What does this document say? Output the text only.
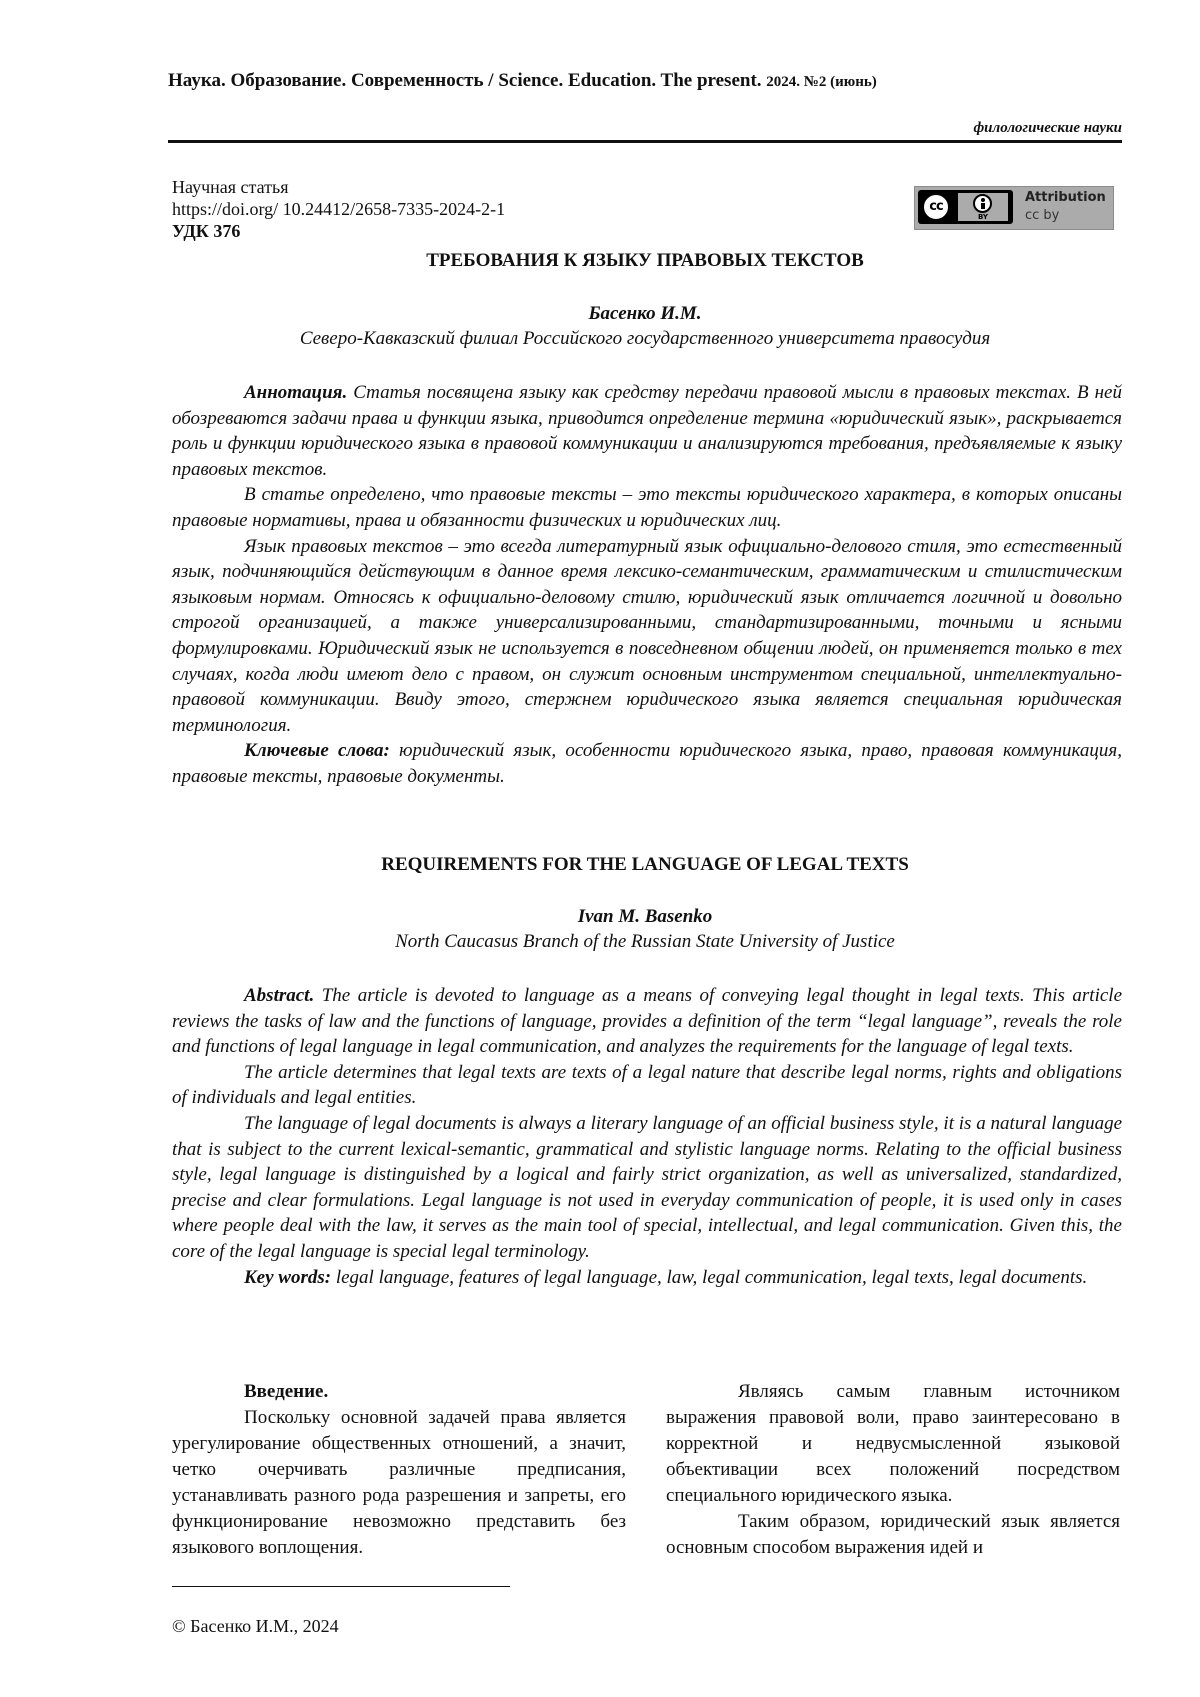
Наука. Образование. Современность / Science. Education. The present. 2024. №2 (июнь)
филологические науки
Научная статья
https://doi.org/ 10.24412/2658-7335-2024-2-1
УДК 376
cc
BY
Attribution
cc by
ТРЕБОВАНИЯ К ЯЗЫКУ ПРАВОВЫХ ТЕКСТОВ
Басенко И.М.
Северо-Кавказский филиал Российского государственного университета правосудия

Аннотация. Статья посвящена языку как средству передачи правовой мысли в правовых текстах. В ней обозреваются задачи права и функции языка, приводится определение термина «юридический язык», раскрывается роль и функции юридического языка в правовой коммуникации и анализируются требования, предъявляемые к языку правовых текстов.

В статье определено, что правовые тексты – это тексты юридического характера, в которых описаны правовые нормативы, права и обязанности физических и юридических лиц.

Язык правовых текстов – это всегда литературный язык официально-делового стиля, это естественный язык, подчиняющийся действующим в данное время лексико-семантическим, грамматическим и стилистическим языковым нормам. Относясь к официально-деловому стилю, юридический язык отличается логичной и довольно строгой организацией, а также универсализированными, стандартизированными, точными и ясными формулировками. Юридический язык не используется в повседневном общении людей, он применяется только в тех случаях, когда люди имеют дело с правом, он служит основным инструментом специальной, интеллектуально-правовой коммуникации. Ввиду этого, стержнем юридического языка является специальная юридическая терминология.

Ключевые слова: юридический язык, особенности юридического языка, право, правовая коммуникация, правовые тексты, правовые документы.

REQUIREMENTS FOR THE LANGUAGE OF LEGAL TEXTS
Ivan M. Basenko
North Caucasus Branch of the Russian State University of Justice

Abstract. The article is devoted to language as a means of conveying legal thought in legal texts. This article reviews the tasks of law and the functions of language, provides a definition of the term “legal language”, reveals the role and functions of legal language in legal communication, and analyzes the requirements for the language of legal texts.

The article determines that legal texts are texts of a legal nature that describe legal norms, rights and obligations of individuals and legal entities.

The language of legal documents is always a literary language of an official business style, it is a natural language that is subject to the current lexical-semantic, grammatical and stylistic language norms. Relating to the official business style, legal language is distinguished by a logical and fairly strict organization, as well as universalized, standardized, precise and clear formulations. Legal language is not used in everyday communication of people, it is used only in cases where people deal with the law, it serves as the main tool of special, intellectual, and legal communication. Given this, the core of the legal language is special legal terminology.

Key words: legal language, features of legal language, law, legal communication, legal texts, legal documents.

Введение.

Поскольку основной задачей права является урегулирование общественных отношений, а значит, четко очерчивать различные предписания, устанавливать разного рода разрешения и запреты, его функционирование невозможно представить без языкового воплощения.

Являясь самым главным источником выражения правовой воли, право заинтересовано в корректной и недвусмысленной языковой объективации всех положений посредством специального юридического языка.

Таким образом, юридический язык является основным способом выражения идей и

© Басенко И.М., 2024
